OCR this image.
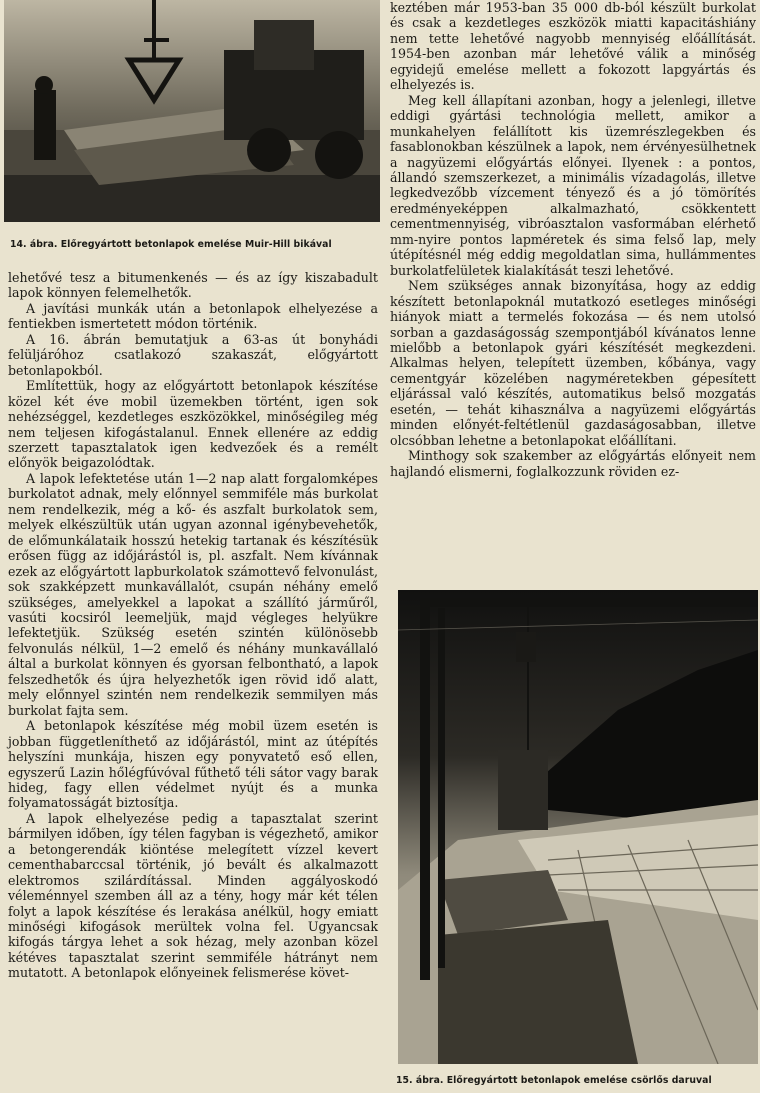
14. ábra. Előregyártott betonlapok emelése Muir-Hill bikával

lehetővé tesz a bitumenkenés — és az így kiszabadult lapok könnyen felemelhetők.

A javítási munkák után a betonlapok elhelyezése a fentiekben ismertetett módon történik.

A 16. ábrán bemutatjuk a 63-as út bonyhádi felüljáróhoz csatlakozó szakaszát, előgyártott betonlapokból.

Említettük, hogy az előgyártott betonlapok készítése közel két éve mobil üzemekben történt, igen sok nehézséggel, kezdetleges eszközökkel, minőségileg még nem teljesen kifogástalanul. Ennek ellenére az eddig szerzett tapasztalatok igen kedvezőek és a remélt előnyök beigazolódtak.

A lapok lefektetése után 1—2 nap alatt forgalomképes burkolatot adnak, mely előnnyel semmiféle más burkolat nem rendelkezik, még a kő- és aszfalt burkolatok sem, melyek elkészültük után ugyan azonnal igénybevehetők, de előmunkálataik hosszú hetekig tartanak és készítésük erősen függ az időjárástól is, pl. aszfalt. Nem kívánnak ezek az előgyártott lapburkolatok számottevő felvonulást, sok szakképzett munkavállalót, csupán néhány emelő szükséges, amelyekkel a lapokat a szállító járműről, vasúti kocsiról leemeljük, majd végleges helyükre lefektetjük. Szükség esetén szintén különösebb felvonulás nélkül, 1—2 emelő és néhány munkavállaló által a burkolat könnyen és gyorsan felbontható, a lapok felszedhetők és újra helyezhetők igen rövid idő alatt, mely előnnyel szintén nem rendelkezik semmilyen más burkolat fajta sem.

A betonlapok készítése még mobil üzem esetén is jobban függetleníthető az időjárástól, mint az útépítés helyszíni munkája, hiszen egy ponyvatető eső ellen, egyszerű Lazin hőlégfúvóval fűthető téli sátor vagy barak hideg, fagy ellen védelmet nyújt és a munka folyamatosságát biztosítja.

A lapok elhelyezése pedig a tapasztalat szerint bármilyen időben, így télen fagyban is végezhető, amikor a betongerendák kiöntése melegített vízzel kevert cementhabarccsal történik, jó bevált és alkalmazott elektromos szilárdítással. Minden aggályoskodó véleménnyel szemben áll az a tény, hogy már két télen folyt a lapok készítése és lerakása anélkül, hogy emiatt minőségi kifogások merültek volna fel. Ugyancsak kifogás tárgya lehet a sok hézag, mely azonban közel kétéves tapasztalat szerint semmiféle hátrányt nem mutatott. A betonlapok előnyeinek felismerése követ-

keztében már 1953-ban 35 000 db-ból készült burkolat és csak a kezdetleges eszközök miatti kapacitáshiány nem tette lehetővé nagyobb mennyiség előállítását. 1954-ben azonban már lehetővé válik a minőség egyidejű emelése mellett a fokozott lapgyártás és elhelyezés is.

Meg kell állapítani azonban, hogy a jelenlegi, illetve eddigi gyártási technológia mellett, amikor a munkahelyen felállított kis üzemrészlegekben és fasablonokban készülnek a lapok, nem érvényesülhetnek a nagyüzemi előgyártás előnyei. Ilyenek : a pontos, állandó szemszerkezet, a minimális vízadagolás, illetve legkedvezőbb vízcement tényező és a jó tömörítés eredményeképpen alkalmazható, csökkentett cementmennyiség, vibróasztalon vasformában elérhető mm-nyire pontos lapméretek és sima felső lap, mely útépítésnél még eddig megoldatlan sima, hullámmentes burkolatfelületek kialakítását teszi lehetővé.

Nem szükséges annak bizonyítása, hogy az eddig készített betonlapoknál mutatkozó esetleges minőségi hiányok miatt a termelés fokozása — és nem utolsó sorban a gazdaságosság szempontjából kívánatos lenne mielőbb a betonlapok gyári készítését megkezdeni. Alkalmas helyen, telepített üzemben, kőbánya, vagy cementgyár közelében nagyméretekben gépesített eljárással való készítés, automatikus belső mozgatás esetén, — tehát kihasználva a nagyüzemi előgyártás minden előnyét-feltétlenül gazdaságosabban, illetve olcsóbban lehetne a betonlapokat előállítani.

Minthogy sok szakember az előgyártás előnyeit nem hajlandó elismerni, foglalkozzunk röviden ez-

15. ábra. Előregyártott betonlapok emelése csörlős daruval
